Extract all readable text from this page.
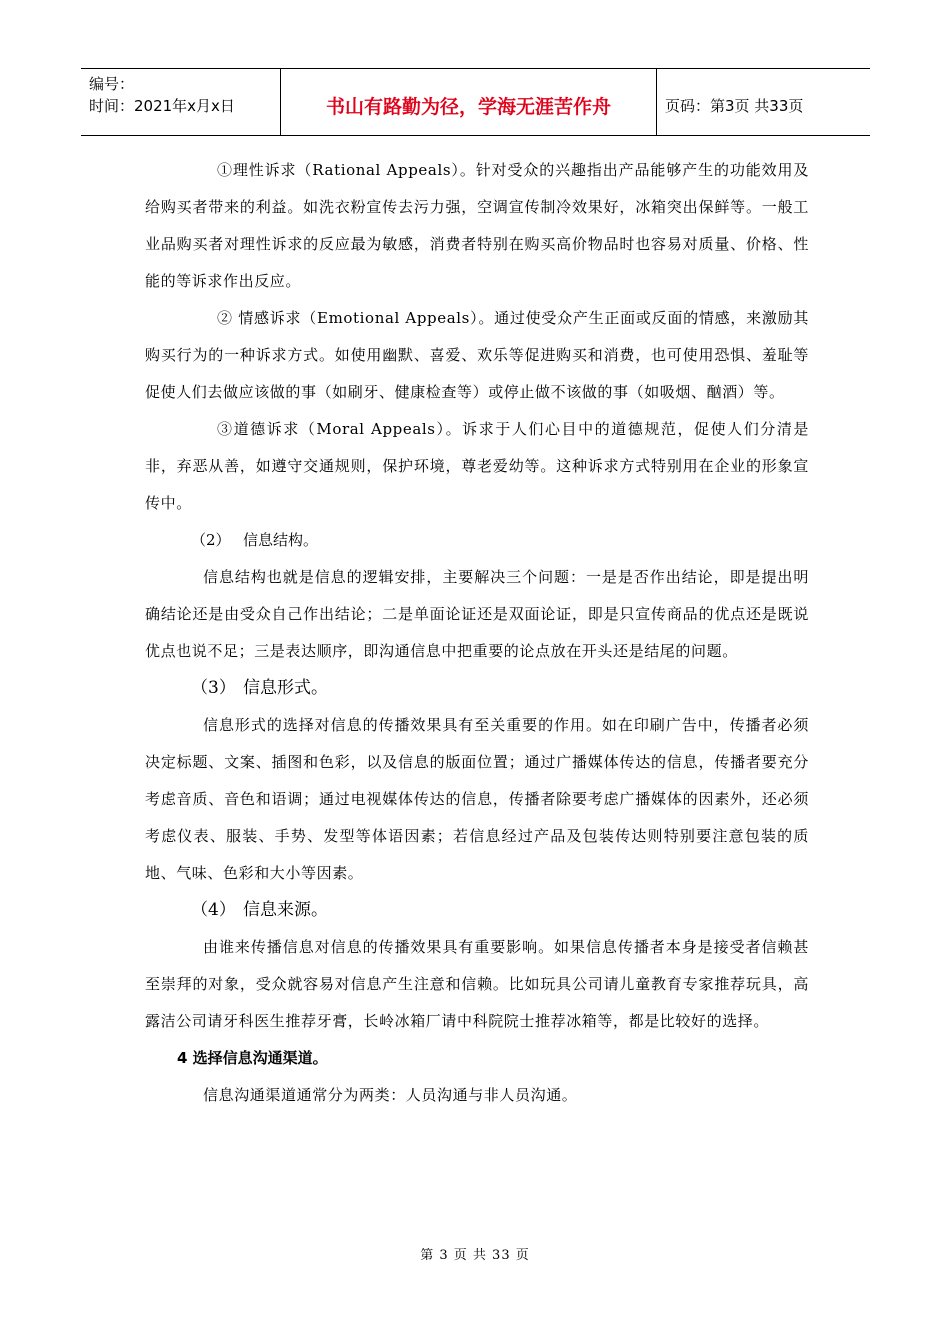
编号：
时间：2021年x月x日	书山有路勤为径，学海无涯苦作舟	页码：第3页 共33页

①理性诉求（Rational Appeals）。针对受众的兴趣指出产品能够产生的功能效用及给购买者带来的利益。如洗衣粉宣传去污力强，空调宣传制冷效果好，冰箱突出保鲜等。一般工业品购买者对理性诉求的反应最为敏感，消费者特别在购买高价物品时也容易对质量、价格、性能的等诉求作出反应。

② 情感诉求（Emotional Appeals）。通过使受众产生正面或反面的情感，来激励其购买行为的一种诉求方式。如使用幽默、喜爱、欢乐等促进购买和消费，也可使用恐惧、羞耻等促使人们去做应该做的事（如刷牙、健康检查等）或停止做不该做的事（如吸烟、酗酒）等。

③道德诉求（Moral Appeals）。诉求于人们心目中的道德规范，促使人们分清是非，弃恶从善，如遵守交通规则，保护环境，尊老爱幼等。这种诉求方式特别用在企业的形象宣传中。

（2） 信息结构。

信息结构也就是信息的逻辑安排，主要解决三个问题：一是是否作出结论，即是提出明确结论还是由受众自己作出结论；二是单面论证还是双面论证，即是只宣传商品的优点还是既说优点也说不足；三是表达顺序，即沟通信息中把重要的论点放在开头还是结尾的问题。

（3） 信息形式。

信息形式的选择对信息的传播效果具有至关重要的作用。如在印刷广告中，传播者必须决定标题、文案、插图和色彩，以及信息的版面位置；通过广播媒体传达的信息，传播者要充分考虑音质、音色和语调；通过电视媒体传达的信息，传播者除要考虑广播媒体的因素外，还必须考虑仪表、服装、手势、发型等体语因素；若信息经过产品及包装传达则特别要注意包装的质地、气味、色彩和大小等因素。

（4） 信息来源。

由谁来传播信息对信息的传播效果具有重要影响。如果信息传播者本身是接受者信赖甚至崇拜的对象，受众就容易对信息产生注意和信赖。比如玩具公司请儿童教育专家推荐玩具，高露洁公司请牙科医生推荐牙膏，长岭冰箱厂请中科院院士推荐冰箱等，都是比较好的选择。

4 选择信息沟通渠道。

信息沟通渠道通常分为两类：人员沟通与非人员沟通。

第 3 页 共 33 页
